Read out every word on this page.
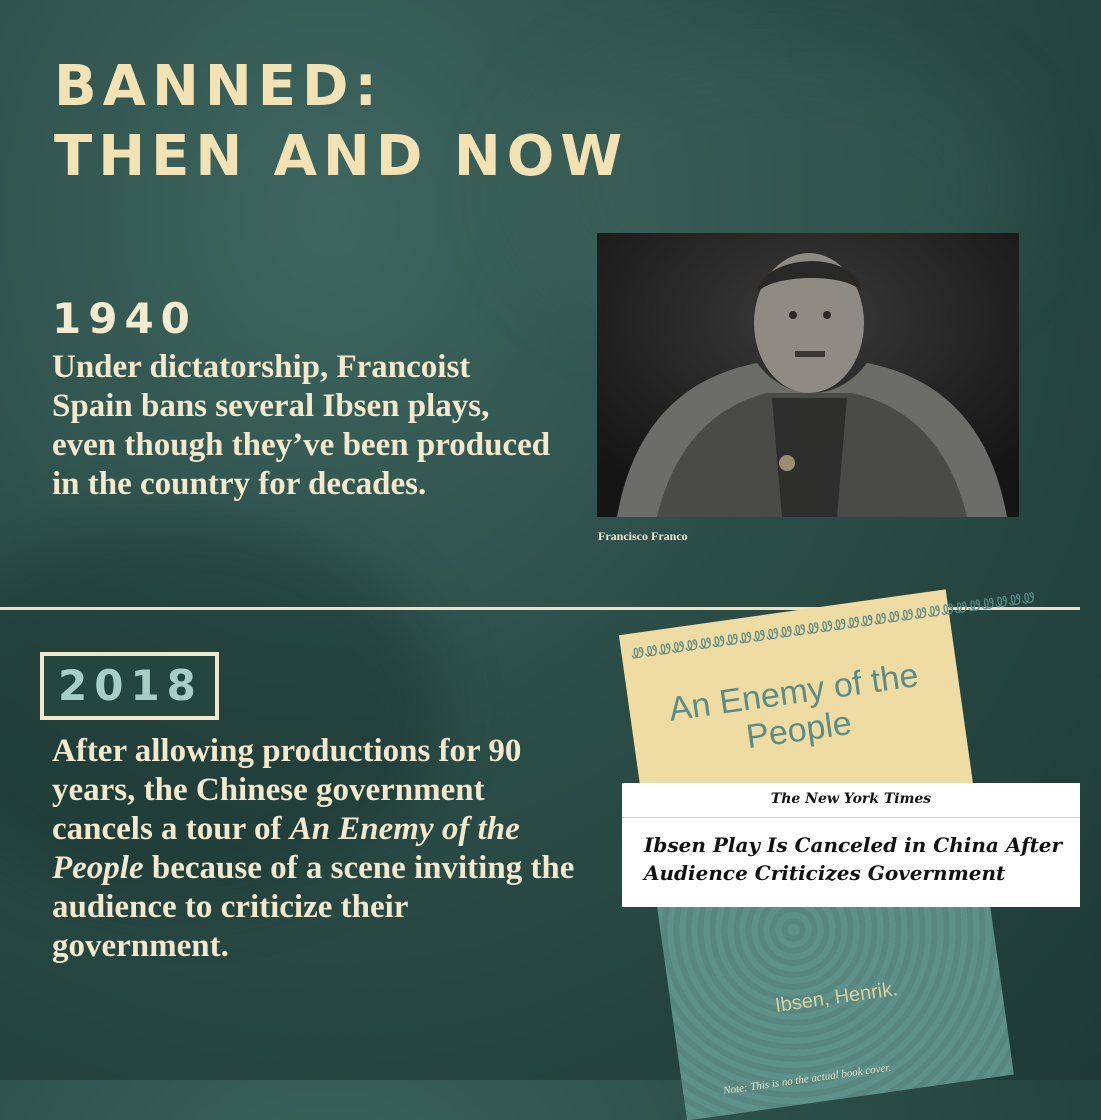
BANNED:
THEN AND NOW
1940

Under dictatorship, Francoist Spain bans several Ibsen plays, even though they’ve been produced in the country for decades.

Francisco Franco
2018

After allowing productions for 90 years, the Chinese government cancels a tour of An Enemy of the People because of a scene inviting the audience to criticize their government.

ᏪᏪᏪᏪᏪᏪᏪᏪᏪᏪᏪᏪᏪᏪᏪᏪᏪᏪᏪᏪᏪᏪᏪᏪᏪᏪᏪᏪᏪᏪ
An Enemy of the People
Ibsen, Henrik.
Note: This is no the actual book cover.
The New York Times
Ibsen Play Is Canceled in China After Audience Criticizes Government
